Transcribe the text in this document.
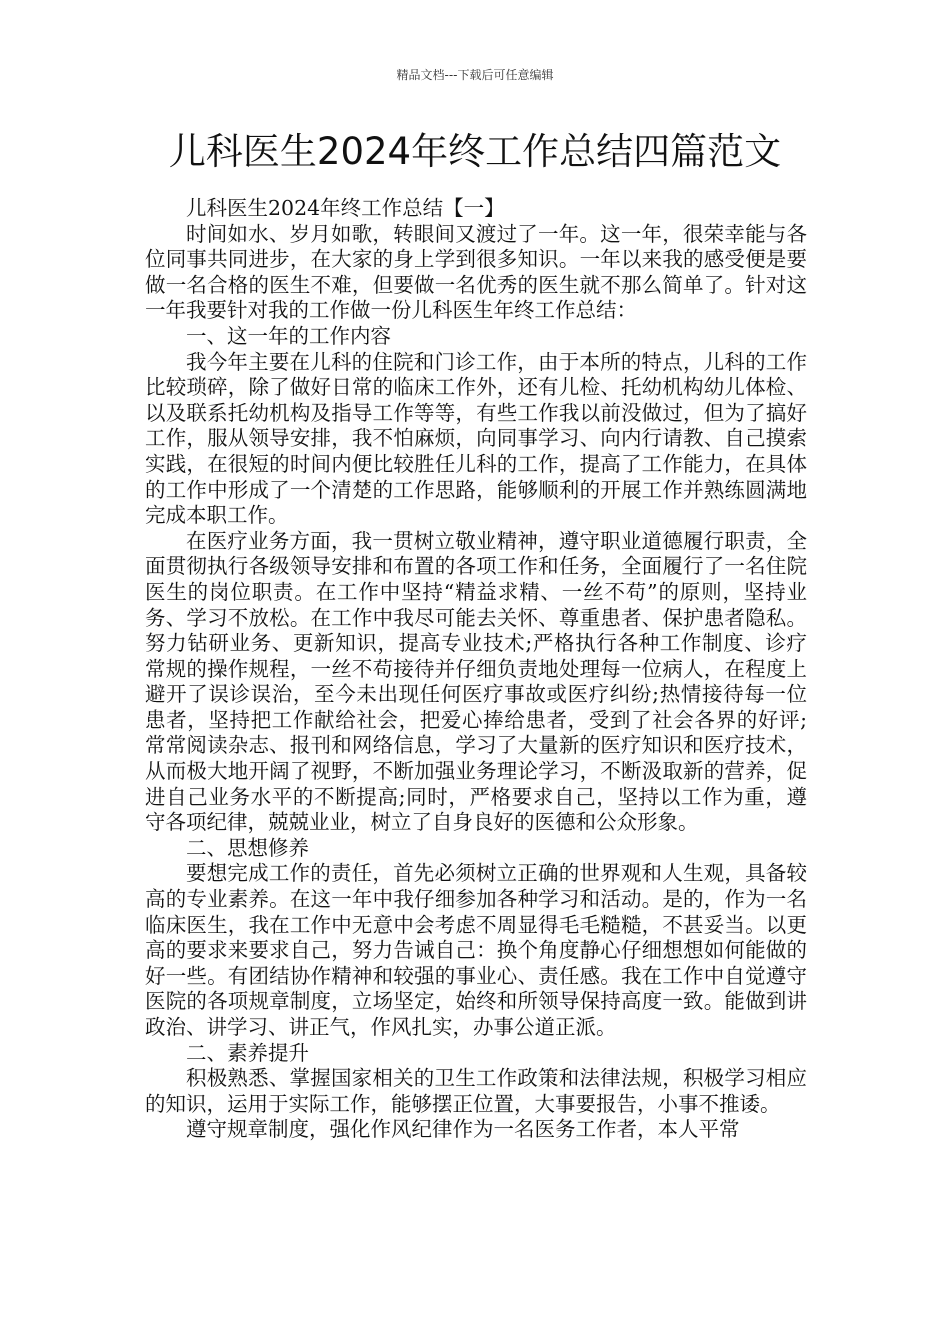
精品文档---下载后可任意编辑
儿科医生2024年终工作总结四篇范文

儿科医生2024年终工作总结【一】

时间如水、岁月如歌，转眼间又渡过了一年。这一年，很荣幸能与各位同事共同进步，在大家的身上学到很多知识。一年以来我的感受便是要做一名合格的医生不难，但要做一名优秀的医生就不那么简单了。针对这一年我要针对我的工作做一份儿科医生年终工作总结：

一、这一年的工作内容

我今年主要在儿科的住院和门诊工作，由于本所的特点，儿科的工作比较琐碎，除了做好日常的临床工作外，还有儿检、托幼机构幼儿体检、以及联系托幼机构及指导工作等等，有些工作我以前没做过，但为了搞好工作，服从领导安排，我不怕麻烦，向同事学习、向内行请教、自己摸索实践，在很短的时间内便比较胜任儿科的工作，提高了工作能力，在具体的工作中形成了一个清楚的工作思路，能够顺利的开展工作并熟练圆满地完成本职工作。

在医疗业务方面，我一贯树立敬业精神，遵守职业道德履行职责，全面贯彻执行各级领导安排和布置的各项工作和任务，全面履行了一名住院医生的岗位职责。在工作中坚持“精益求精、一丝不苟”的原则，坚持业务、学习不放松。在工作中我尽可能去关怀、尊重患者、保护患者隐私。努力钻研业务、更新知识，提高专业技术;严格执行各种工作制度、诊疗常规的操作规程，一丝不苟接待并仔细负责地处理每一位病人，在程度上避开了误诊误治，至今未出现任何医疗事故或医疗纠纷;热情接待每一位患者，坚持把工作献给社会，把爱心捧给患者，受到了社会各界的好评;常常阅读杂志、报刊和网络信息，学习了大量新的医疗知识和医疗技术，从而极大地开阔了视野，不断加强业务理论学习，不断汲取新的营养，促进自己业务水平的不断提高;同时，严格要求自己，坚持以工作为重，遵守各项纪律，兢兢业业，树立了自身良好的医德和公众形象。

二、思想修养

要想完成工作的责任，首先必须树立正确的世界观和人生观，具备较高的专业素养。在这一年中我仔细参加各种学习和活动。是的，作为一名临床医生，我在工作中无意中会考虑不周显得毛毛糙糙，不甚妥当。以更高的要求来要求自己，努力告诫自己：换个角度静心仔细想想如何能做的好一些。有团结协作精神和较强的事业心、责任感。我在工作中自觉遵守医院的各项规章制度，立场坚定，始终和所领导保持高度一致。能做到讲政治、讲学习、讲正气，作风扎实，办事公道正派。

二、素养提升

积极熟悉、掌握国家相关的卫生工作政策和法律法规，积极学习相应的知识，运用于实际工作，能够摆正位置，大事要报告，小事不推诿。

遵守规章制度，强化作风纪律作为一名医务工作者，本人平常
